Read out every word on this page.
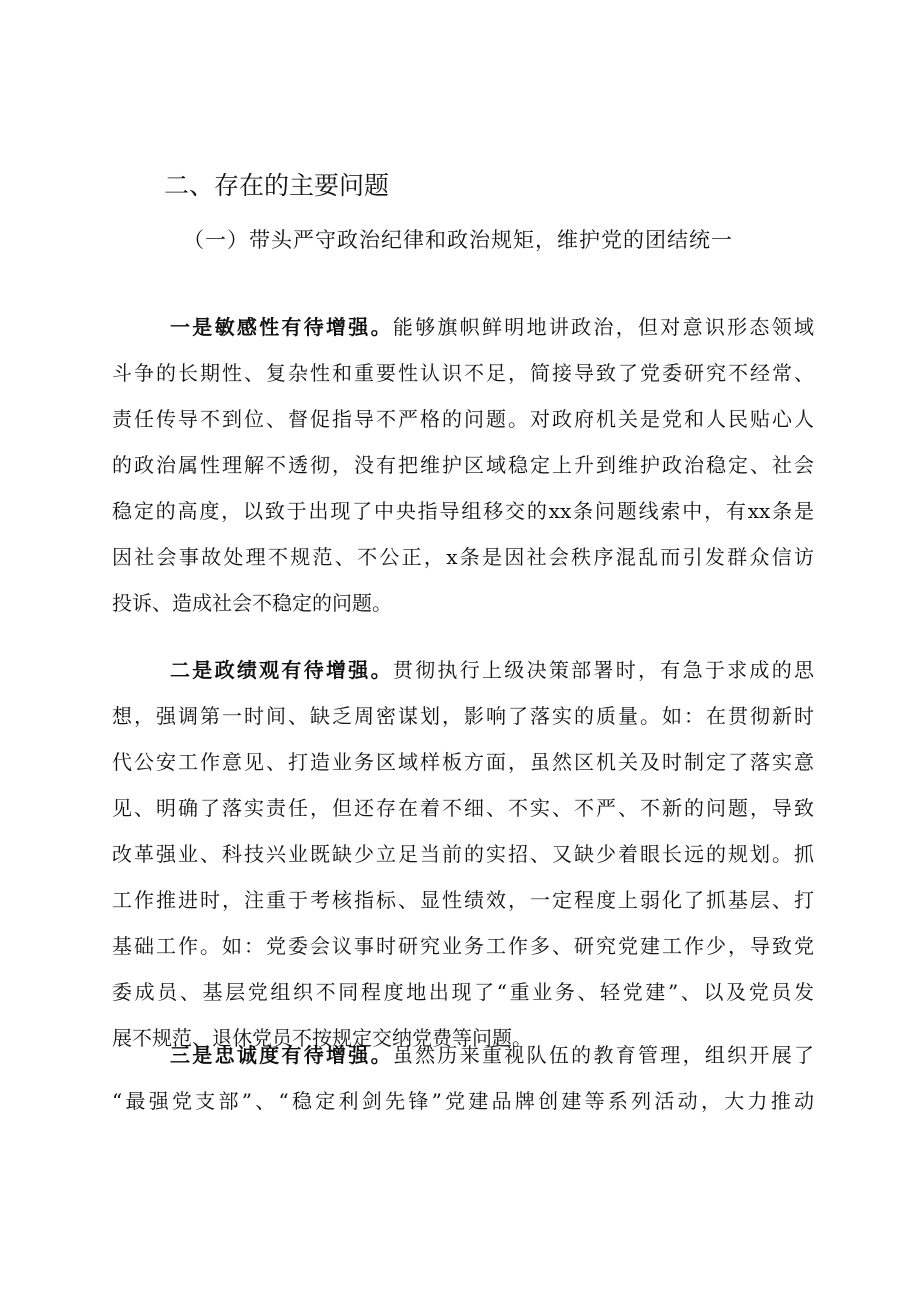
二、存在的主要问题
（一）带头严守政治纪律和政治规矩，维护党的团结统一
一是敏感性有待增强。能够旗帜鲜明地讲政治，但对意识形态领域
斗争的长期性、复杂性和重要性认识不足，简接导致了党委研究不经常、
责任传导不到位、督促指导不严格的问题。对政府机关是党和人民贴心人
的政治属性理解不透彻，没有把维护区域稳定上升到维护政治稳定、社会
稳定的高度，以致于出现了中央指导组移交的xx条问题线索中，有xx条是
因社会事故处理不规范、不公正，x条是因社会秩序混乱而引发群众信访
投诉、造成社会不稳定的问题。
二是政绩观有待增强。贯彻执行上级决策部署时，有急于求成的思
想，强调第一时间、缺乏周密谋划，影响了落实的质量。如：在贯彻新时
代公安工作意见、打造业务区域样板方面，虽然区机关及时制定了落实意
见、明确了落实责任，但还存在着不细、不实、不严、不新的问题，导致
改革强业、科技兴业既缺少立足当前的实招、又缺少着眼长远的规划。抓
工作推进时，注重于考核指标、显性绩效，一定程度上弱化了抓基层、打
基础工作。如：党委会议事时研究业务工作多、研究党建工作少，导致党
委成员、基层党组织不同程度地出现了“重业务、轻党建”、以及党员发
展不规范、退休党员不按规定交纳党费等问题。
三是忠诚度有待增强。虽然历来重视队伍的教育管理，组织开展了
“最强党支部”、“稳定利剑先锋”党建品牌创建等系列活动，大力推动
